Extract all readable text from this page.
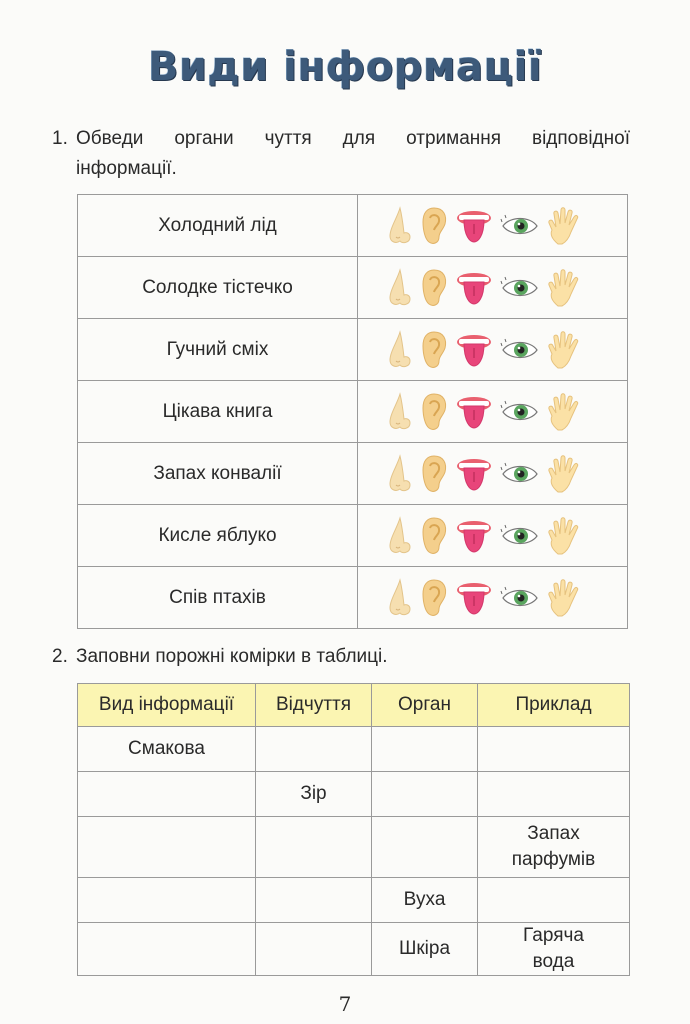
Види інформації
1. Обведи органи чуття для отримання відповідної
інформації.
Холодний лід	
Солодке тістечко	
Гучний сміх	
Цікава книга	
Запах конвалії	
Кисле яблуко	
Спів птахів	
2. Заповни порожні комірки в таблиці.
Вид інформації	Відчуття	Орган	Приклад
Смакова			
	Зір		
			Запах парфумів
		Вуха	
		Шкіра	Гаряча вода
7
